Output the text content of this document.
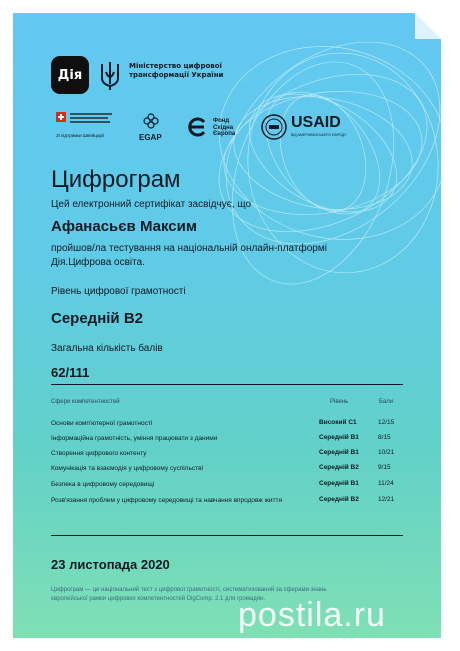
Дія
Міністерство цифрової трансформації України
Зі підтримки Швейцарії	EGAP
Фонд
Східна
Європа
USAID
ВІД АМЕРИКАНСЬКОГО НАРОДУ
Цифрограм
Цей електронний сертифікат засвідчує, що
Афанасьєв Максим
пройшов/ла тестування на національній онлайн-платформі
Дія.Цифрова освіта.
Рівень цифрової грамотності
Середній B2
Загальна кількість балів
62/111
Сфери компетентностей	Рівень	Бали
Основи комп'ютерної грамотності	Високий C1	12/15
Інформаційна грамотність, уміння працювати з даними	Середній B1	8/15
Створення цифрового контенту	Середній B1	10/21
Комунікація та взаємодія у цифровому суспільстві	Середній B2	9/15
Безпека в цифровому середовищі	Середній B1	11/24
Розв'язання проблем у цифровому середовищі та навчання впродовж життя	Середній B2	12/21
23 листопада 2020
Цифрограм — це національний тест з цифрової грамотності, систематизований за сферами знань
європейської рамки цифрових компетентностей DigComp. 2.1 для громадян.
postila.ru
